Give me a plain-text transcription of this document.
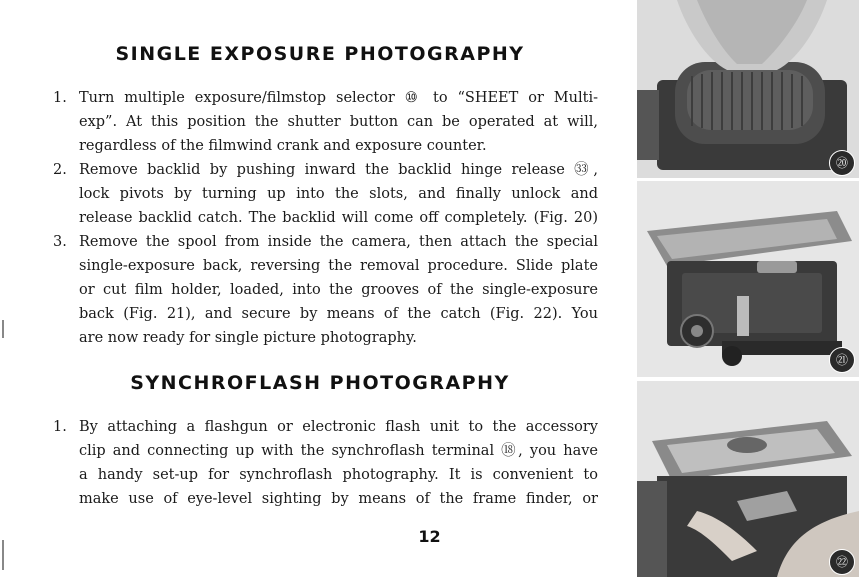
SINGLE EXPOSURE PHOTOGRAPHY
1. Turn multiple exposure/filmstop selector ⑩ to “SHEET or Multi-
exp”. At this position the shutter button can be operated at will,
regardless of the filmwind crank and exposure counter.
2. Remove backlid by pushing inward the backlid hinge release ㉝,
lock pivots by turning up into the slots, and finally unlock and
release backlid catch. The backlid will come off completely. (Fig. 20)
3. Remove the spool from inside the camera, then attach the special
single-exposure back, reversing the removal procedure. Slide plate
or cut film holder, loaded, into the grooves of the single-exposure
back (Fig. 21), and secure by means of the catch (Fig. 22). You
are now ready for single picture photography.
SYNCHROFLASH PHOTOGRAPHY
1. By attaching a flashgun or electronic flash unit to the accessory
clip and connecting up with the synchroflash terminal ⑱, you have
a handy set-up for synchroflash photography. It is convenient to
make use of eye-level sighting by means of the frame finder, or
12
⑳
㉑
㉒
